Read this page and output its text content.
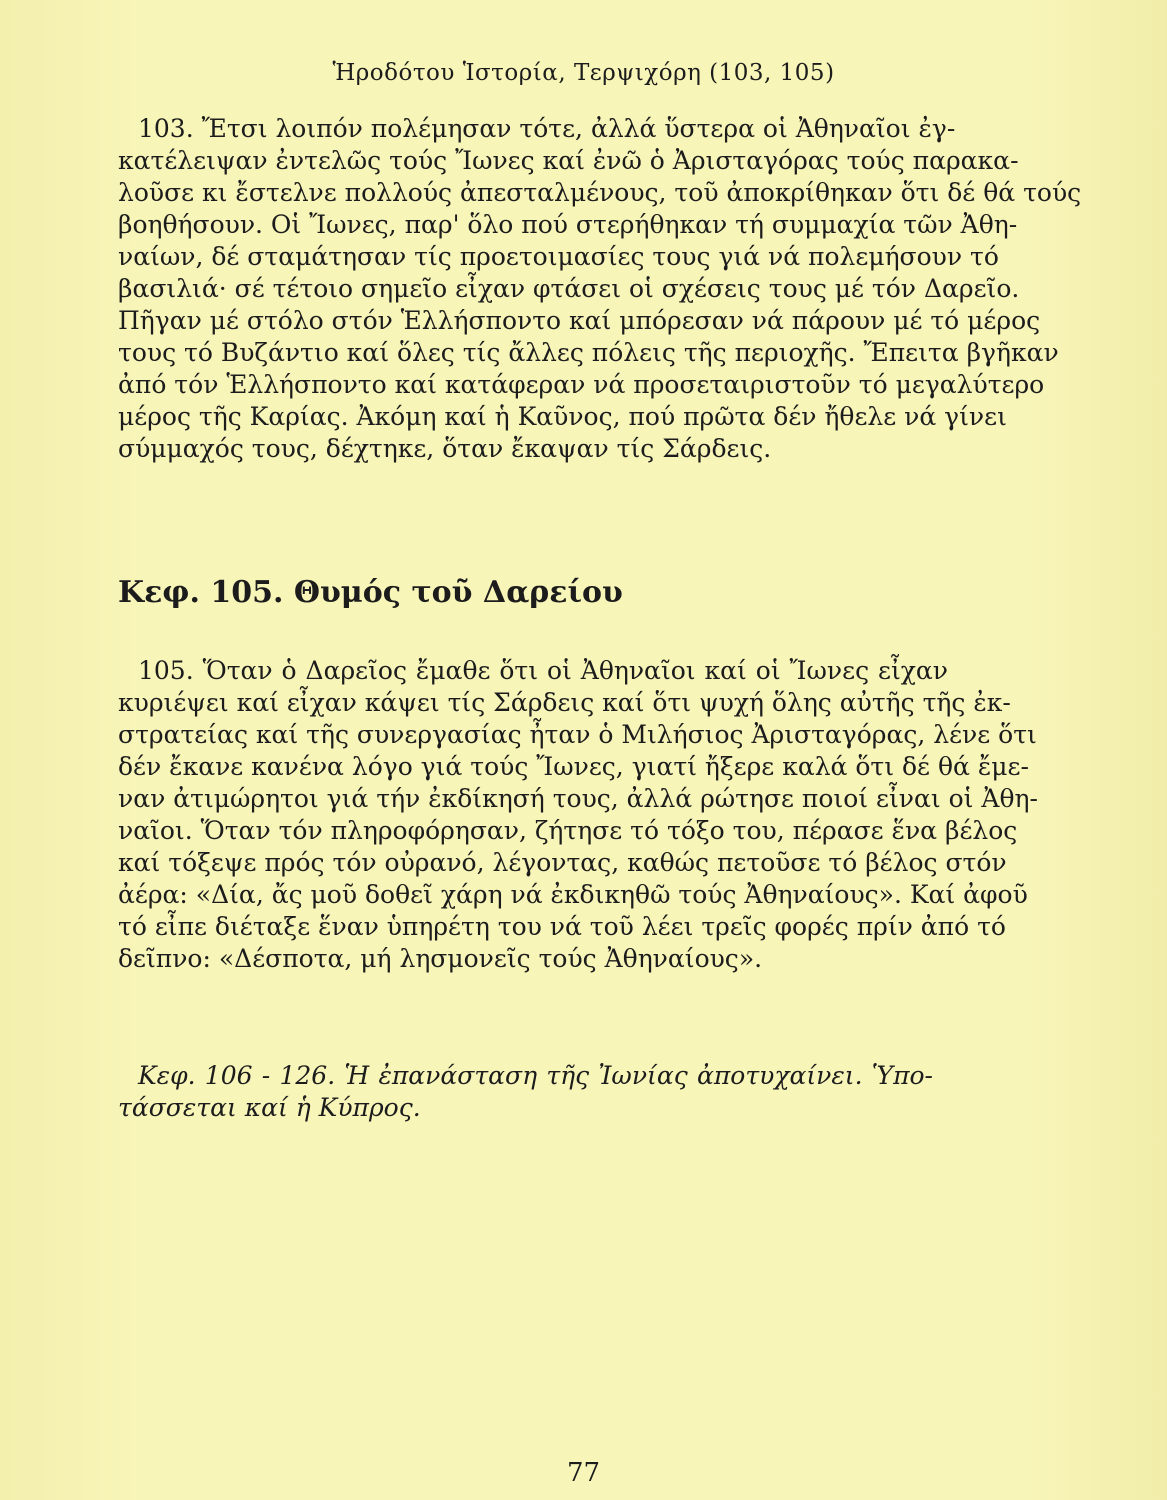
Ἡροδότου Ἱστορία, Τερψιχόρη (103, 105)
103. Ἔτσι λοιπόν πολέμησαν τότε, ἀλλά ὕστερα οἱ Ἀθηναῖοι ἐγ-
κατέλειψαν ἐντελῶς τούς Ἴωνες καί ἐνῶ ὁ Ἀρισταγόρας τούς παρακα-
λοῦσε κι ἔστελνε πολλούς ἀπεσταλμένους, τοῦ ἀποκρίθηκαν ὅτι δέ θά τούς
βοηθήσουν. Οἱ Ἴωνες, παρ' ὅλο πού στερήθηκαν τή συμμαχία τῶν Ἀθη-
ναίων, δέ σταμάτησαν τίς προετοιμασίες τους γιά νά πολεμήσουν τό
βασιλιά· σέ τέτοιο σημεῖο εἶχαν φτάσει οἱ σχέσεις τους μέ τόν Δαρεῖο.
Πῆγαν μέ στόλο στόν Ἑλλήσποντο καί μπόρεσαν νά πάρουν μέ τό μέρος
τους τό Βυζάντιο καί ὅλες τίς ἄλλες πόλεις τῆς περιοχῆς. Ἔπειτα βγῆκαν
ἀπό τόν Ἑλλήσποντο καί κατάφεραν νά προσεταιριστοῦν τό μεγαλύτερο
μέρος τῆς Καρίας. Ἀκόμη καί ἡ Καῦνος, πού πρῶτα δέν ἤθελε νά γίνει
σύμμαχός τους, δέχτηκε, ὅταν ἔκαψαν τίς Σάρδεις.
Κεφ. 105. Θυμός τοῦ Δαρείου
105. Ὅταν ὁ Δαρεῖος ἔμαθε ὅτι οἱ Ἀθηναῖοι καί οἱ Ἴωνες εἶχαν
κυριέψει καί εἶχαν κάψει τίς Σάρδεις καί ὅτι ψυχή ὅλης αὐτῆς τῆς ἐκ-
στρατείας καί τῆς συνεργασίας ἦταν ὁ Μιλήσιος Ἀρισταγόρας, λένε ὅτι
δέν ἔκανε κανένα λόγο γιά τούς Ἴωνες, γιατί ἤξερε καλά ὅτι δέ θά ἔμε-
ναν ἀτιμώρητοι γιά τήν ἐκδίκησή τους, ἀλλά ρώτησε ποιοί εἶναι οἱ Ἀθη-
ναῖοι. Ὅταν τόν πληροφόρησαν, ζήτησε τό τόξο του, πέρασε ἕνα βέλος
καί τόξεψε πρός τόν οὐρανό, λέγοντας, καθώς πετοῦσε τό βέλος στόν
ἀέρα: «Δία, ἄς μοῦ δοθεῖ χάρη νά ἐκδικηθῶ τούς Ἀθηναίους». Καί ἀφοῦ
τό εἶπε διέταξε ἕναν ὑπηρέτη του νά τοῦ λέει τρεῖς φορές πρίν ἀπό τό
δεῖπνο: «Δέσποτα, μή λησμονεῖς τούς Ἀθηναίους».
Κεφ. 106 - 126. Ἡ ἐπανάσταση τῆς Ἰωνίας ἀποτυχαίνει. Ὑπο-
τάσσεται καί ἡ Κύπρος.
77
